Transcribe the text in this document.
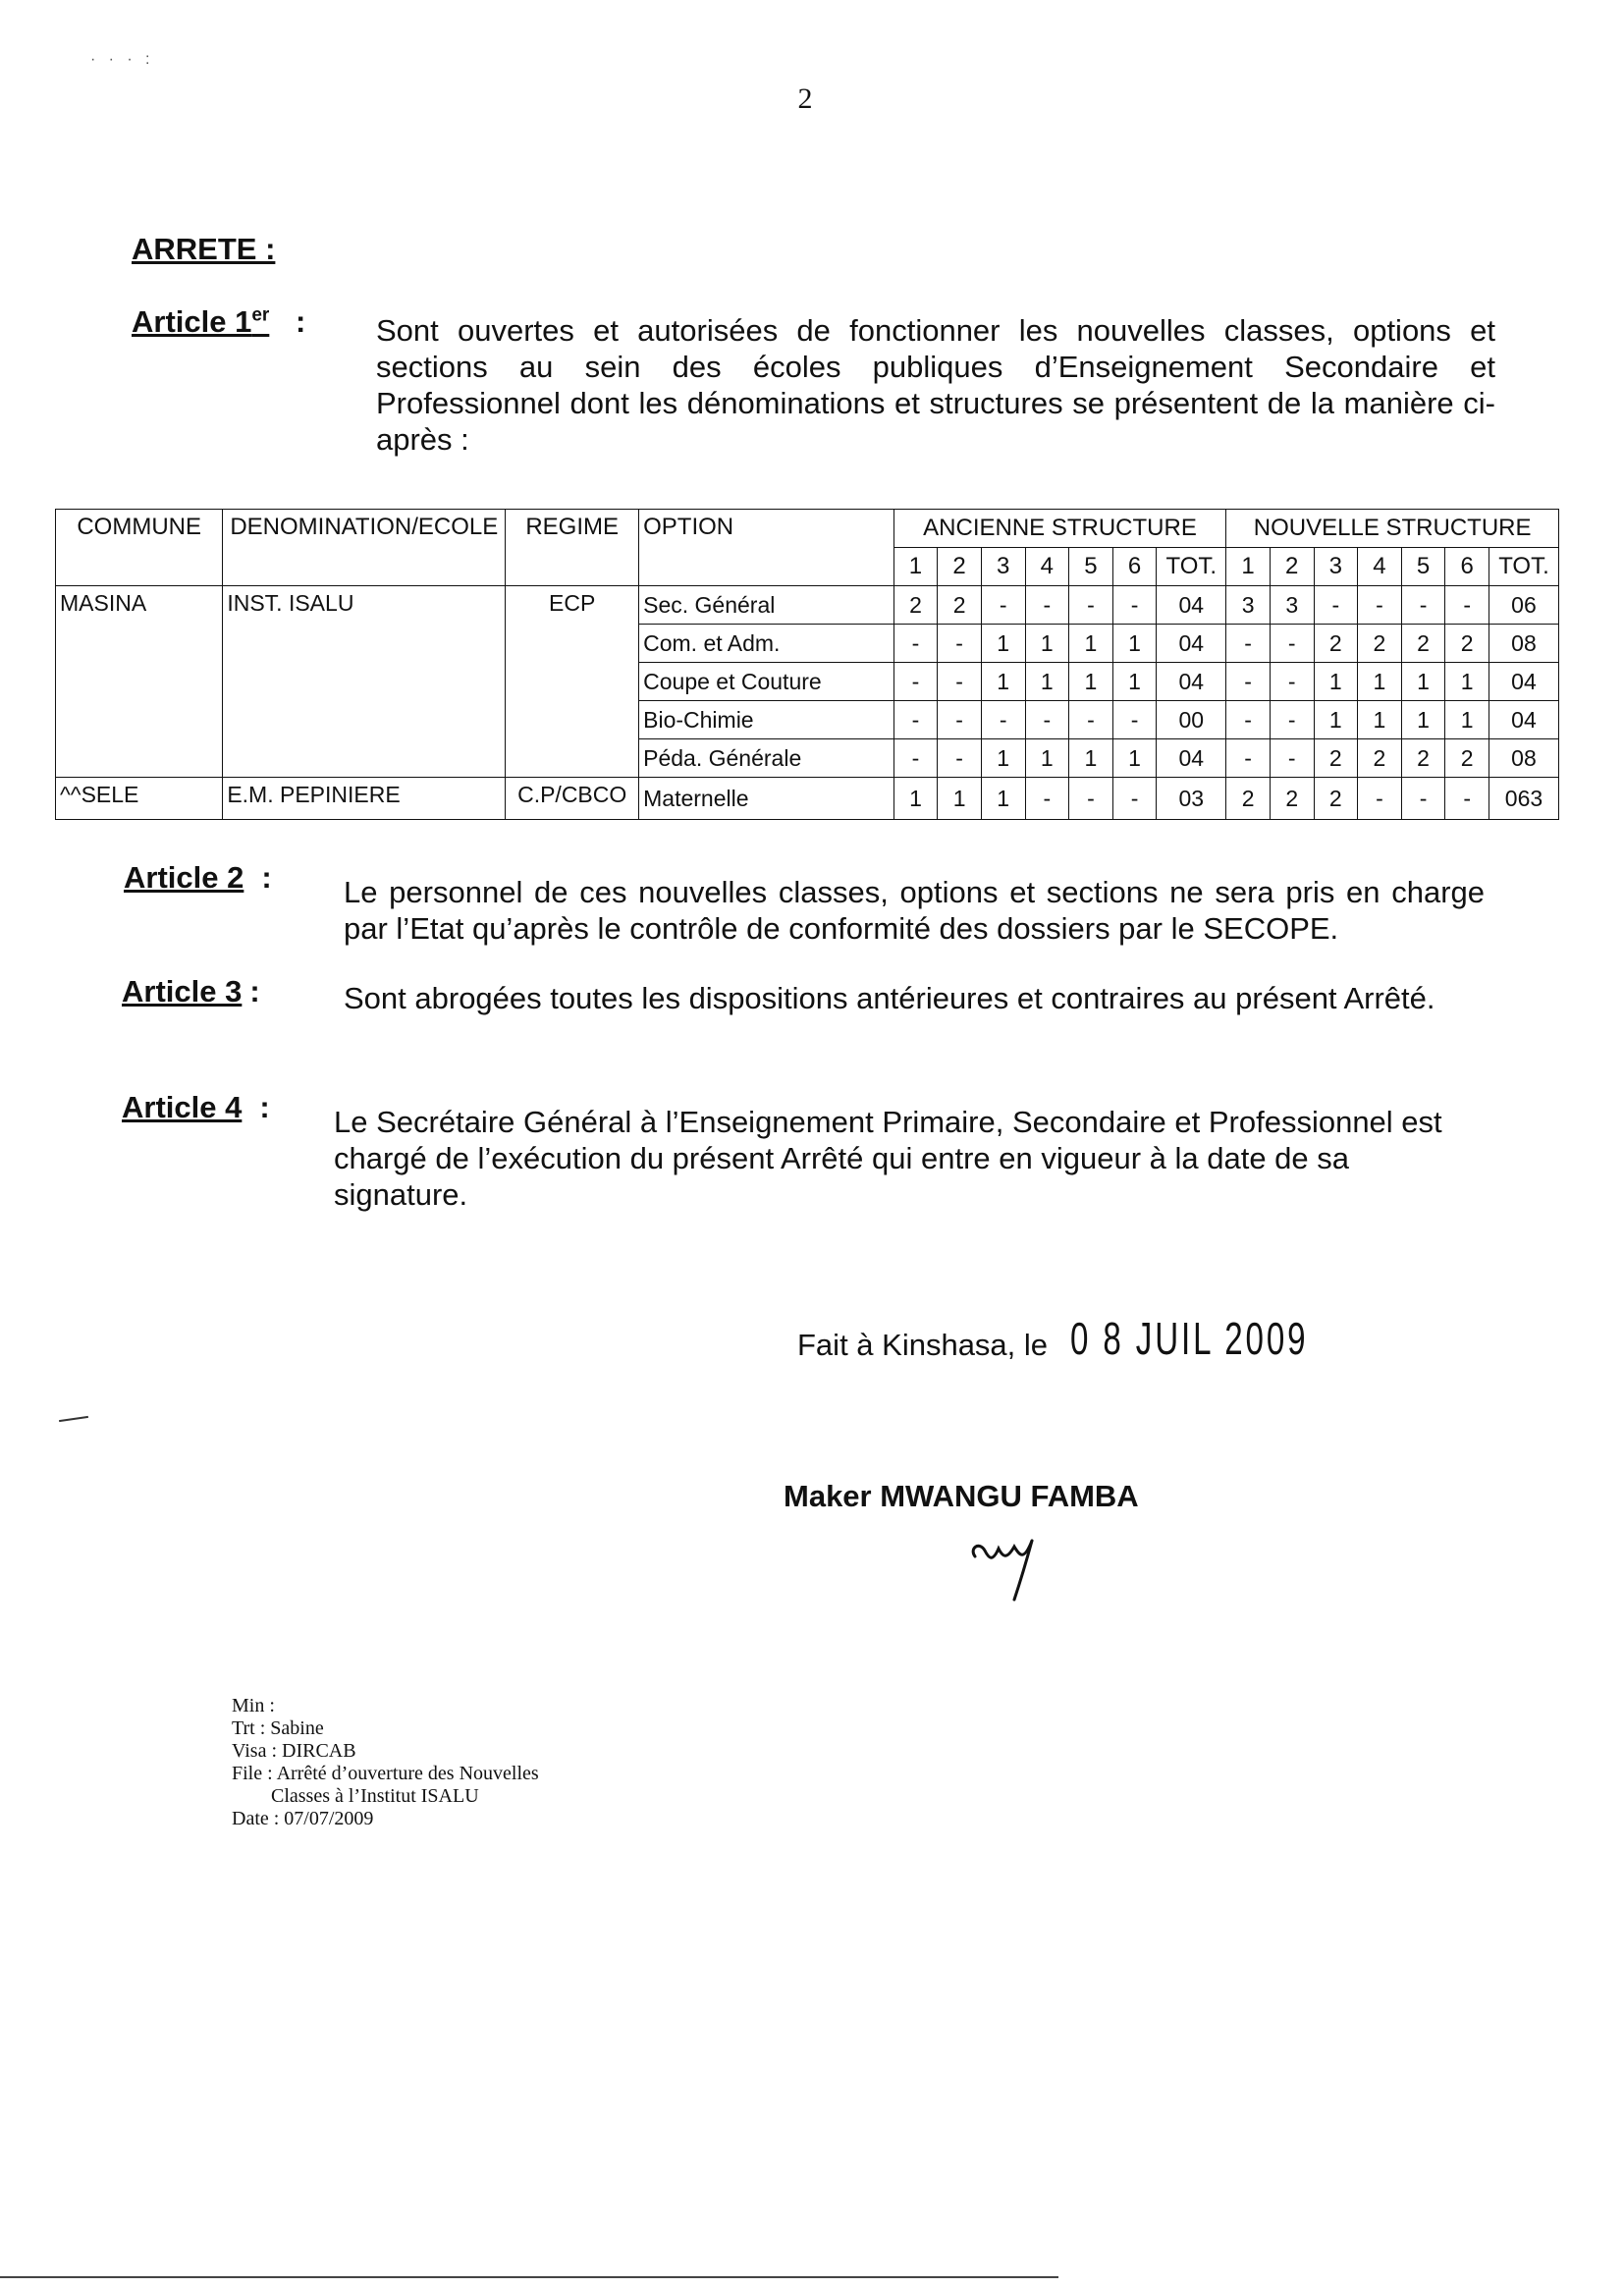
·   ·   ·   :
2
ARRETE :
Article 1er : Sont ouvertes et autorisées de fonctionner les nouvelles classes, options et sections au sein des écoles publiques d’Enseignement Secondaire et Professionnel dont les dénominations et structures se présentent de la manière ci-après :
COMMUNE	DENOMINATION/ECOLE	REGIME	OPTION	ANCIENNE STRUCTURE							NOUVELLE STRUCTURE						
				1	2	3	4	5	6	TOT.	1	2	3	4	5	6	TOT.
MASINA	INST. ISALU	ECP	Sec. Général	2	2	-	-	-	-	04	3	3	-	-	-	-	06
			Com. et Adm.	-	-	1	1	1	1	04	-	-	2	2	2	2	08
			Coupe et Couture	-	-	1	1	1	1	04	-	-	1	1	1	1	04
			Bio-Chimie	-	-	-	-	-	-	00	-	-	1	1	1	1	04
			Péda. Générale	-	-	1	1	1	1	04	-	-	2	2	2	2	08
^^SELE	E.M. PEPINIERE	C.P/CBCO	Maternelle	1	1	1	-	-	-	03	2	2	2	-	-	-	063
Article 2 : Le personnel de ces nouvelles classes, options et sections ne sera pris en charge par l’Etat qu’après le contrôle de conformité des dossiers par le SECOPE.
Article 3 :	Sont abrogées toutes les dispositions antérieures et contraires au présent Arrêté.
Article 4 : Le Secrétaire Général à l’Enseignement Primaire, Secondaire et Professionnel est chargé de l’exécution du présent Arrêté qui entre en vigueur à la date de sa signature.
Fait à Kinshasa, le 0 8 JUIL 2009
Maker MWANGU FAMBA
Min :
Trt : Sabine
Visa : DIRCAB
File : Arrêté d’ouverture des Nouvelles
Classes à l’Institut ISALU
Date : 07/07/2009
